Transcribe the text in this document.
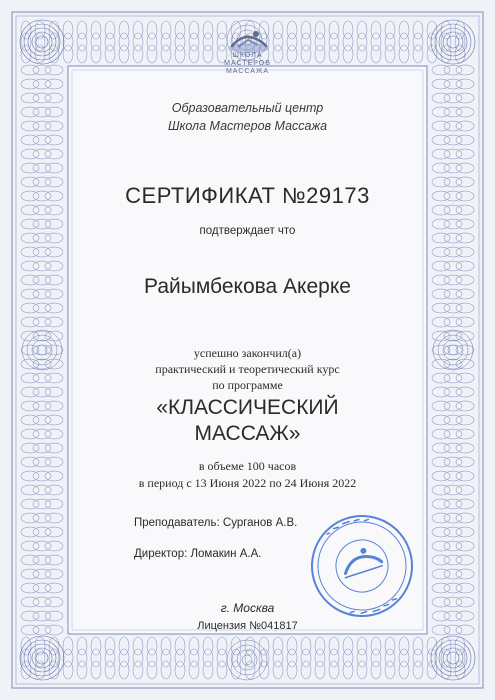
ШКОЛА
МАСТЕРОВ
МАССАЖА
Образовательный центр
Школа Мастеров Массажа
СЕРТИФИКАТ №29173
подтверждает что
Райымбекова Акерке
успешно закончил(а)
практический и теоретический курс
по программе
«КЛАССИЧЕСКИЙ
МАССАЖ»
в объеме 100 часов
в период с 13 Июня 2022 по 24 Июня 2022
Преподаватель: Сурганов А.В.
Директор: Ломакин А.А.
г. Москва
Лицензия №041817
